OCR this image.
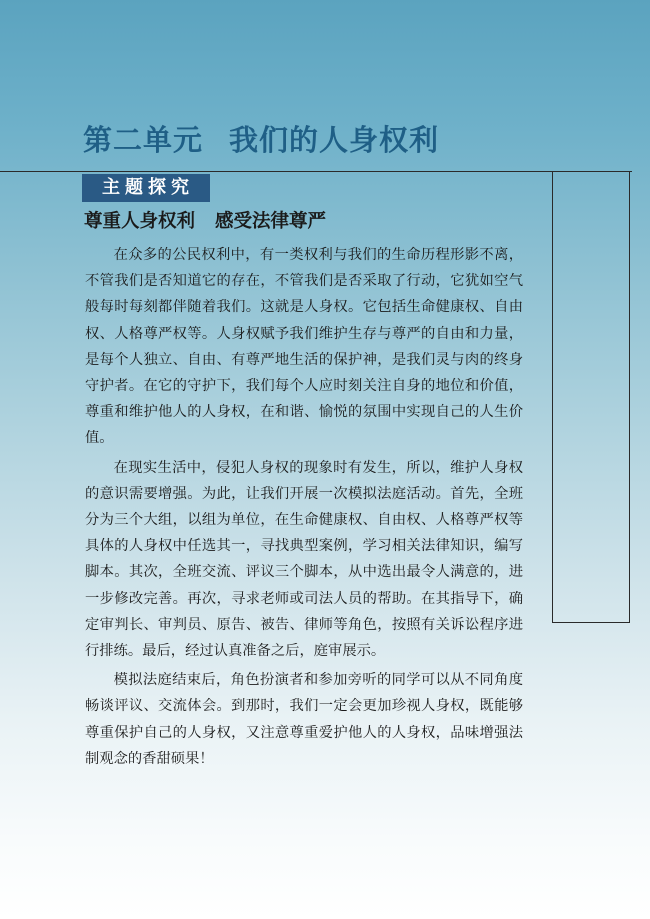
第二单元 我们的人身权利
主题探究
尊重人身权利 感受法律尊严

在众多的公民权利中，有一类权利与我们的生命历程形影不离，不管我们是否知道它的存在，不管我们是否采取了行动，它犹如空气般每时每刻都伴随着我们。这就是人身权。它包括生命健康权、自由权、人格尊严权等。人身权赋予我们维护生存与尊严的自由和力量，是每个人独立、自由、有尊严地生活的保护神，是我们灵与肉的终身守护者。在它的守护下，我们每个人应时刻关注自身的地位和价值，尊重和维护他人的人身权，在和谐、愉悦的氛围中实现自己的人生价值。

在现实生活中，侵犯人身权的现象时有发生，所以，维护人身权的意识需要增强。为此，让我们开展一次模拟法庭活动。首先，全班分为三个大组，以组为单位，在生命健康权、自由权、人格尊严权等具体的人身权中任选其一，寻找典型案例，学习相关法律知识，编写脚本。其次，全班交流、评议三个脚本，从中选出最令人满意的，进一步修改完善。再次，寻求老师或司法人员的帮助。在其指导下，确定审判长、审判员、原告、被告、律师等角色，按照有关诉讼程序进行排练。最后，经过认真准备之后，庭审展示。

模拟法庭结束后，角色扮演者和参加旁听的同学可以从不同角度畅谈评议、交流体会。到那时，我们一定会更加珍视人身权，既能够尊重保护自己的人身权，又注意尊重爱护他人的人身权，品味增强法制观念的香甜硕果！
